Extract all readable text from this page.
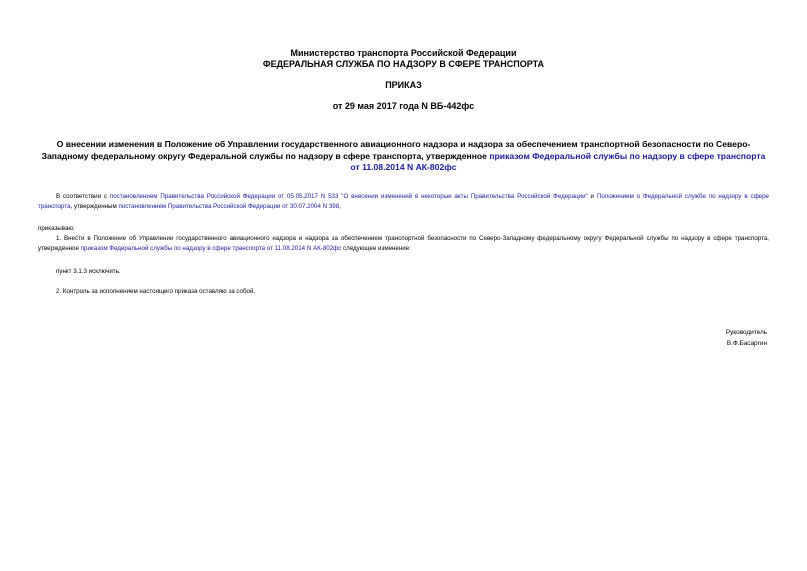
Министерство транспорта Российской Федерации
ФЕДЕРАЛЬНАЯ СЛУЖБА ПО НАДЗОРУ В СФЕРЕ ТРАНСПОРТА
ПРИКАЗ
от 29 мая 2017 года N ВБ-442фс
О внесении изменения в Положение об Управлении государственного авиационного надзора и надзора за обеспечением транспортной безопасности по Северо-Западному федеральному округу Федеральной службы по надзору в сфере транспорта, утвержденное приказом Федеральной службы по надзору в сфере транспорта от 11.08.2014 N АК-802фс
В соответствии с постановлением Правительства Российской Федерации от 05.05.2017 N 533 "О внесении изменений в некоторые акты Правительства Российской Федерации" и Положением о Федеральной службе по надзору в сфере транспорта, утвержденным постановлением Правительства Российской Федерации от 30.07.2004 N 398,
приказываю:
1. Внести в Положение об Управлении государственного авиационного надзора и надзора за обеспечением транспортной безопасности по Северо-Западному федеральному округу Федеральной службы по надзору в сфере транспорта, утвержденное приказом Федеральной службы по надзору в сфере транспорта от 11.08.2014 N АК-802фс следующее изменение:
пункт 3.1.3 исключить.
2. Контроль за исполнением настоящего приказа оставляю за собой.
Руководитель
В.Ф.Басаргин
